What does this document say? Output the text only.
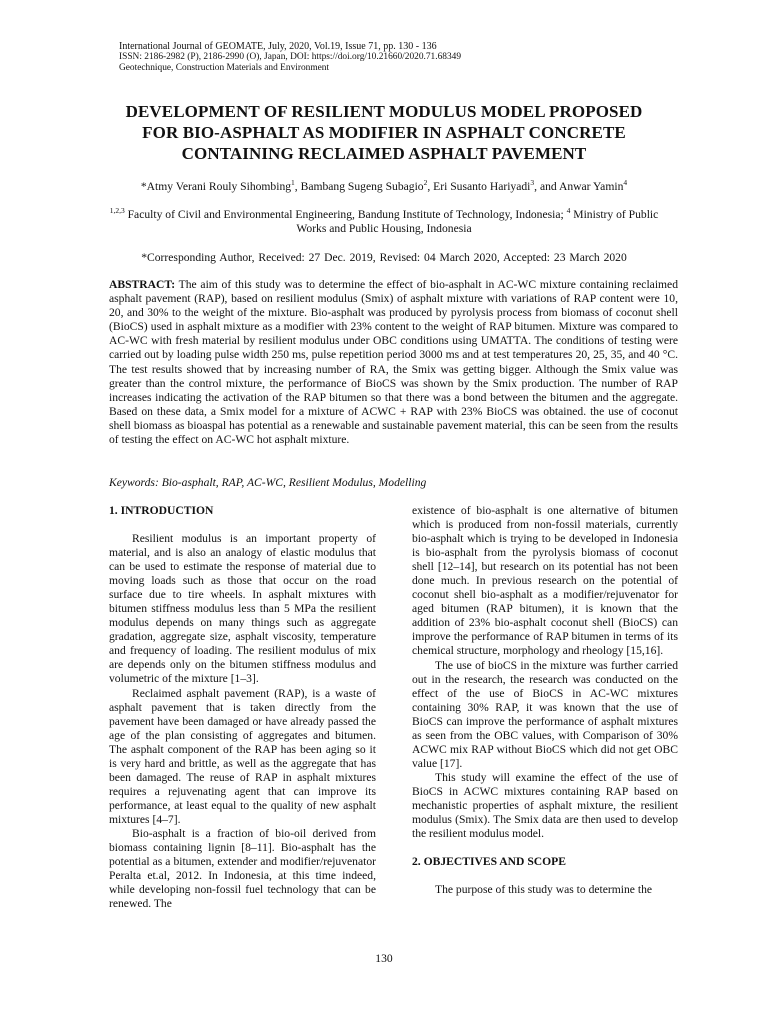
International Journal of GEOMATE, July, 2020, Vol.19, Issue 71, pp. 130 - 136
ISSN: 2186-2982 (P), 2186-2990 (O), Japan, DOI: https://doi.org/10.21660/2020.71.68349
Geotechnique, Construction Materials and Environment
DEVELOPMENT OF RESILIENT MODULUS MODEL PROPOSED
FOR BIO-ASPHALT AS MODIFIER IN ASPHALT CONCRETE
CONTAINING RECLAIMED ASPHALT PAVEMENT
*Atmy Verani Rouly Sihombing$^1$, Bambang Sugeng Subagio$^2$, Eri Susanto Hariyadi$^3$, and Anwar Yamin$^4$
$^{1,2,3}$ Faculty of Civil and Environmental Engineering, Bandung Institute of Technology, Indonesia; $^4$ Ministry of Public Works and Public Housing, Indonesia
*Corresponding Author, Received: 27 Dec. 2019, Revised: 04 March 2020, Accepted: 23 March 2020
ABSTRACT: The aim of this study was to determine the effect of bio-asphalt in AC-WC mixture containing reclaimed asphalt pavement (RAP), based on resilient modulus (Smix) of asphalt mixture with variations of RAP content were 10, 20, and 30% to the weight of the mixture. Bio-asphalt was produced by pyrolysis process from biomass of coconut shell (BioCS) used in asphalt mixture as a modifier with 23% content to the weight of RAP bitumen. Mixture was compared to AC-WC with fresh material by resilient modulus under OBC conditions using UMATTA. The conditions of testing were carried out by loading pulse width 250 ms, pulse repetition period 3000 ms and at test temperatures 20, 25, 35, and 40 °C. The test results showed that by increasing number of RA, the Smix was getting bigger. Although the Smix value was greater than the control mixture, the performance of BioCS was shown by the Smix production. The number of RAP increases indicating the activation of the RAP bitumen so that there was a bond between the bitumen and the aggregate. Based on these data, a Smix model for a mixture of ACWC + RAP with 23% BioCS was obtained. the use of coconut shell biomass as bioaspal has potential as a renewable and sustainable pavement material, this can be seen from the results of testing the effect on AC-WC hot asphalt mixture.
Keywords: Bio-asphalt, RAP, AC-WC, Resilient Modulus, Modelling
1. INTRODUCTION

Resilient modulus is an important property of material, and is also an analogy of elastic modulus that can be used to estimate the response of material due to moving loads such as those that occur on the road surface due to tire wheels. In asphalt mixtures with bitumen stiffness modulus less than 5 MPa the resilient modulus depends on many things such as aggregate gradation, aggregate size, asphalt viscosity, temperature and frequency of loading. The resilient modulus of mix are depends only on the bitumen stiffness modulus and volumetric of the mixture [1–3].

Reclaimed asphalt pavement (RAP), is a waste of asphalt pavement that is taken directly from the pavement have been damaged or have already passed the age of the plan consisting of aggregates and bitumen. The asphalt component of the RAP has been aging so it is very hard and brittle, as well as the aggregate that has been damaged. The reuse of RAP in asphalt mixtures requires a rejuvenating agent that can improve its performance, at least equal to the quality of new asphalt mixtures [4–7].

Bio-asphalt is a fraction of bio-oil derived from biomass containing lignin [8–11]. Bio-asphalt has the potential as a bitumen, extender and modifier/rejuvenator Peralta et.al, 2012. In Indonesia, at this time indeed, while developing non-fossil fuel technology that can be renewed. The

existence of bio-asphalt is one alternative of bitumen which is produced from non-fossil materials, currently bio-asphalt which is trying to be developed in Indonesia is bio-asphalt from the pyrolysis biomass of coconut shell [12–14], but research on its potential has not been done much. In previous research on the potential of coconut shell bio-asphalt as a modifier/rejuvenator for aged bitumen (RAP bitumen), it is known that the addition of 23% bio-asphalt coconut shell (BioCS) can improve the performance of RAP bitumen in terms of its chemical structure, morphology and rheology [15,16].

The use of bioCS in the mixture was further carried out in the research, the research was conducted on the effect of the use of BioCS in AC-WC mixtures containing 30% RAP, it was known that the use of BioCS can improve the performance of asphalt mixtures as seen from the OBC values, with Comparison of 30% ACWC mix RAP without BioCS which did not get OBC value [17].

This study will examine the effect of the use of BioCS in ACWC mixtures containing RAP based on mechanistic properties of asphalt mixture, the resilient modulus (Smix). The Smix data are then used to develop the resilient modulus model.

2. OBJECTIVES AND SCOPE

The purpose of this study was to determine the

130
